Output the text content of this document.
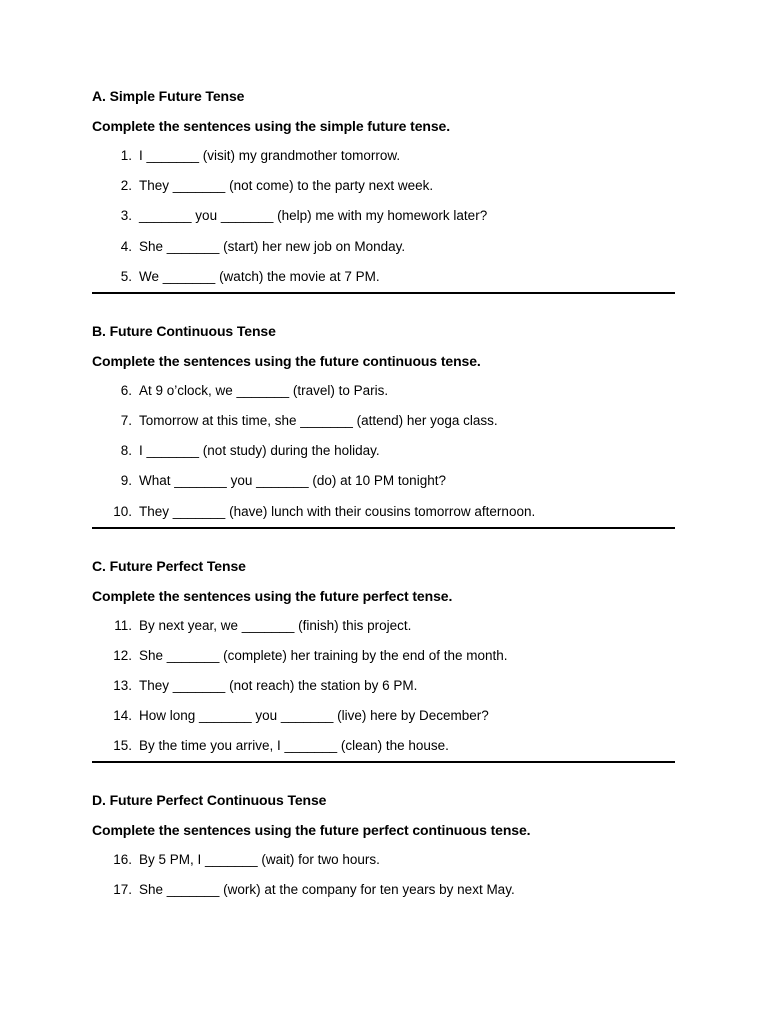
A. Simple Future Tense
Complete the sentences using the simple future tense.
1. I _______ (visit) my grandmother tomorrow.
2. They _______ (not come) to the party next week.
3. _______ you _______ (help) me with my homework later?
4. She _______ (start) her new job on Monday.
5. We _______ (watch) the movie at 7 PM.
B. Future Continuous Tense
Complete the sentences using the future continuous tense.
6. At 9 o’clock, we _______ (travel) to Paris.
7. Tomorrow at this time, she _______ (attend) her yoga class.
8. I _______ (not study) during the holiday.
9. What _______ you _______ (do) at 10 PM tonight?
10. They _______ (have) lunch with their cousins tomorrow afternoon.
C. Future Perfect Tense
Complete the sentences using the future perfect tense.
11. By next year, we _______ (finish) this project.
12. She _______ (complete) her training by the end of the month.
13. They _______ (not reach) the station by 6 PM.
14. How long _______ you _______ (live) here by December?
15. By the time you arrive, I _______ (clean) the house.
D. Future Perfect Continuous Tense
Complete the sentences using the future perfect continuous tense.
16. By 5 PM, I _______ (wait) for two hours.
17. She _______ (work) at the company for ten years by next May.
